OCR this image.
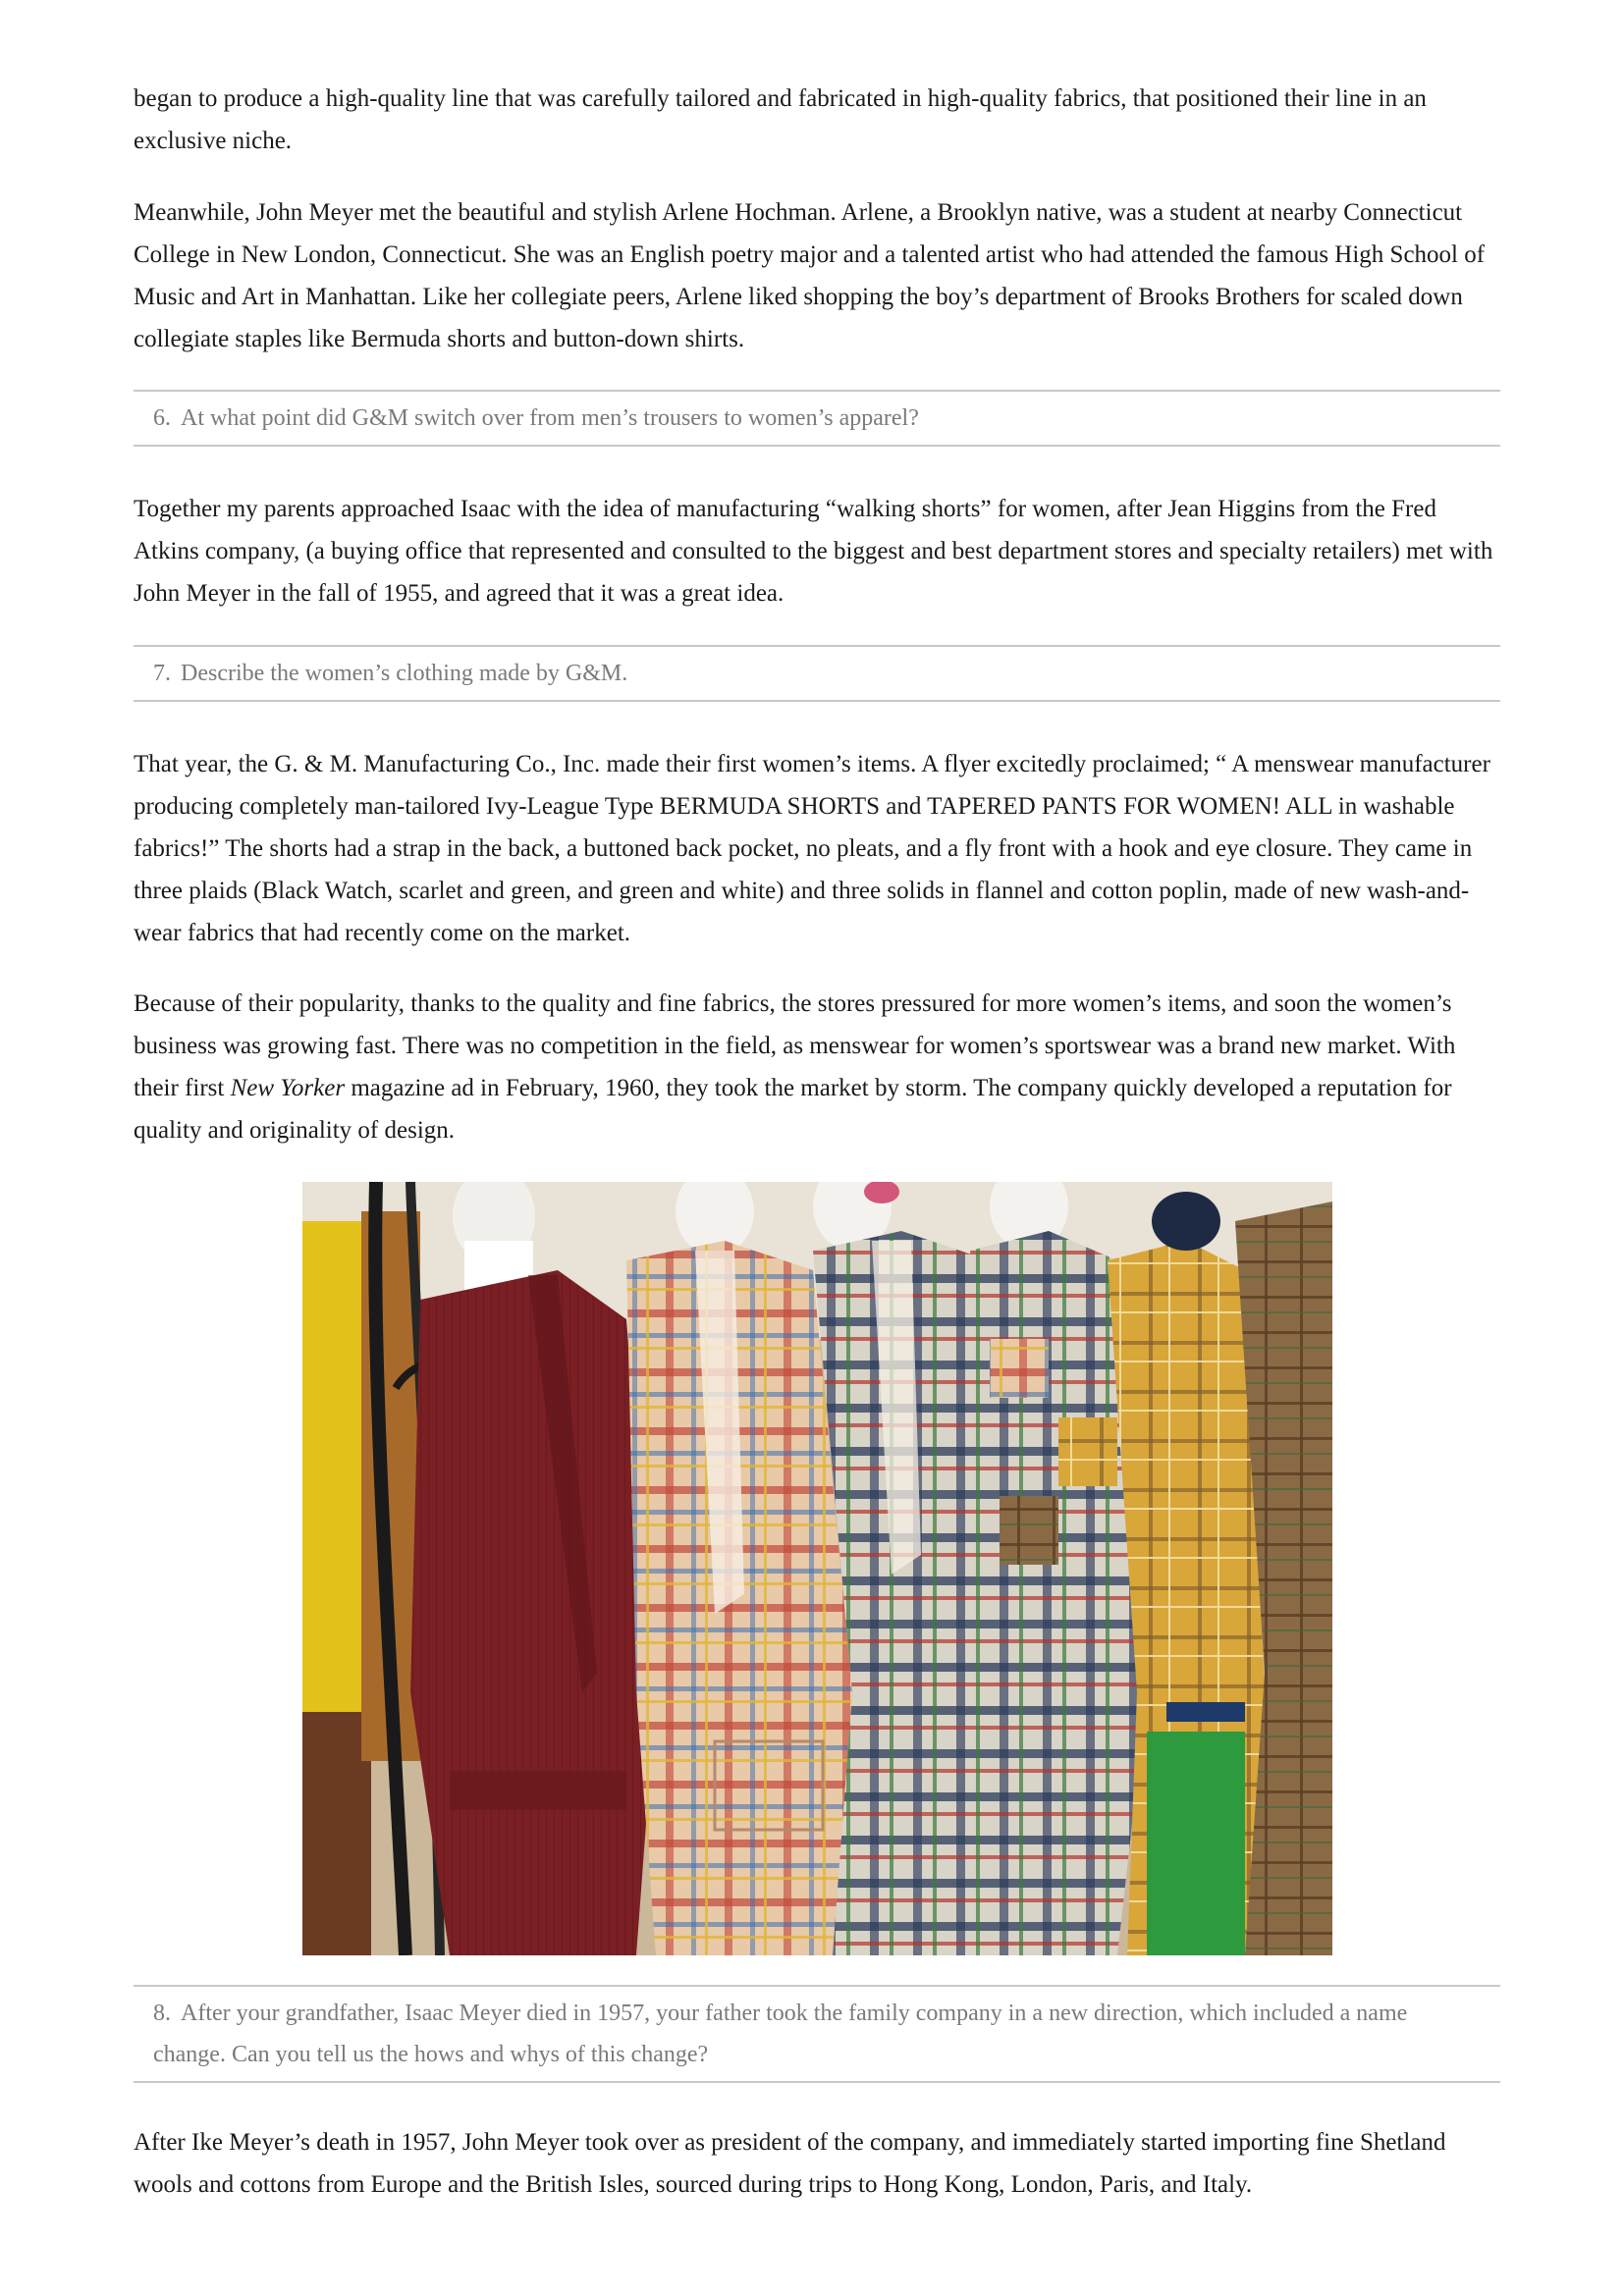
began to produce a high-quality line that was carefully tailored and fabricated in high-quality fabrics, that positioned their line in an exclusive niche.

Meanwhile, John Meyer met the beautiful and stylish Arlene Hochman. Arlene, a Brooklyn native, was a student at nearby Connecticut College in New London, Connecticut. She was an English poetry major and a talented artist who had attended the famous High School of Music and Art in Manhattan. Like her collegiate peers, Arlene liked shopping the boy’s department of Brooks Brothers for scaled down collegiate staples like Bermuda shorts and button-down shirts.

6. At what point did G&M switch over from men’s trousers to women’s apparel?

Together my parents approached Isaac with the idea of manufacturing “walking shorts” for women, after Jean Higgins from the Fred Atkins company, (a buying office that represented and consulted to the biggest and best department stores and specialty retailers) met with John Meyer in the fall of 1955, and agreed that it was a great idea.

7. Describe the women’s clothing made by G&M.

That year, the G. & M. Manufacturing Co., Inc. made their first women’s items. A flyer excitedly proclaimed; “ A menswear manufacturer producing completely man-tailored Ivy-League Type BERMUDA SHORTS and TAPERED PANTS FOR WOMEN! ALL in washable fabrics!” The shorts had a strap in the back, a buttoned back pocket, no pleats, and a fly front with a hook and eye closure. They came in three plaids (Black Watch, scarlet and green, and green and white) and three solids in flannel and cotton poplin, made of new wash-and-wear fabrics that had recently come on the market.

Because of their popularity, thanks to the quality and fine fabrics, the stores pressured for more women’s items, and soon the women’s business was growing fast. There was no competition in the field, as menswear for women’s sportswear was a brand new market. With their first New Yorker magazine ad in February, 1960, they took the market by storm. The company quickly developed a reputation for quality and originality of design.

8. After your grandfather, Isaac Meyer died in 1957, your father took the family company in a new direction, which included a name change. Can you tell us the hows and whys of this change?

After Ike Meyer’s death in 1957, John Meyer took over as president of the company, and immediately started importing fine Shetland wools and cottons from Europe and the British Isles, sourced during trips to Hong Kong, London, Paris, and Italy.
